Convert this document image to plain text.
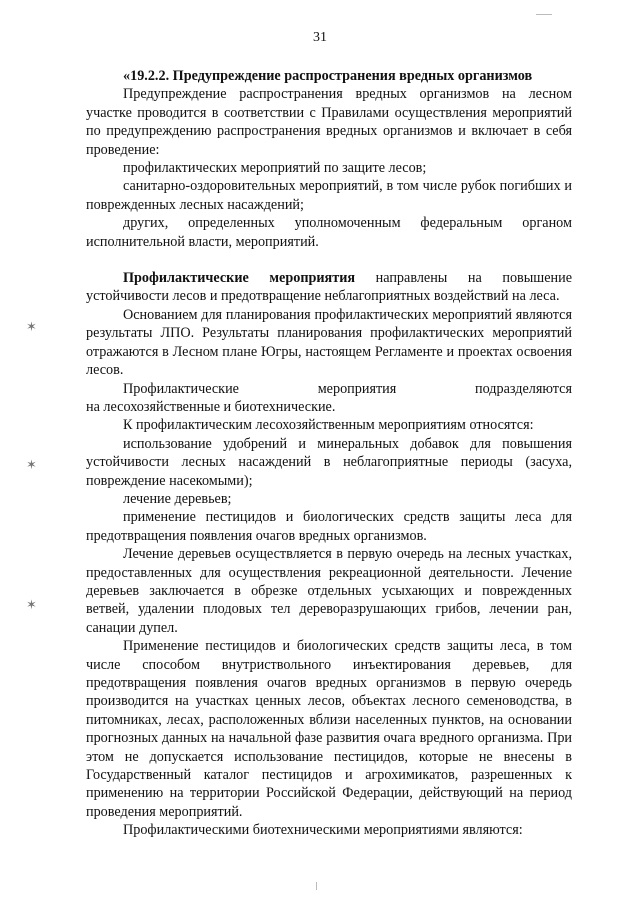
31

«19.2.2. Предупреждение распространения вредных организмов

Предупреждение распространения вредных организмов на лесном участке проводится в соответствии с Правилами осуществления мероприятий по предупреждению распространения вредных организмов и включает в себя проведение:

профилактических мероприятий по защите лесов;

санитарно-оздоровительных мероприятий, в том числе рубок погибших и поврежденных лесных насаждений;

других, определенных уполномоченным федеральным органом исполнительной власти, мероприятий.

Профилактические мероприятия направлены на повышение устойчивости лесов и предотвращение неблагоприятных воздействий на леса.

Основанием для планирования профилактических мероприятий являются результаты ЛПО. Результаты планирования профилактических мероприятий отражаются в Лесном плане Югры, настоящем Регламенте и проектах освоения лесов.

Профилактические мероприятия подразделяются

на лесохозяйственные и биотехнические.

К профилактическим лесохозяйственным мероприятиям относятся:

использование удобрений и минеральных добавок для повышения устойчивости лесных насаждений в неблагоприятные периоды (засуха, повреждение насекомыми);

лечение деревьев;

применение пестицидов и биологических средств защиты леса для предотвращения появления очагов вредных организмов.

Лечение деревьев осуществляется в первую очередь на лесных участках, предоставленных для осуществления рекреационной деятельности. Лечение деревьев заключается в обрезке отдельных усыхающих и поврежденных ветвей, удалении плодовых тел дереворазрушающих грибов, лечении ран, санации дупел.

Применение пестицидов и биологических средств защиты леса, в том числе способом внутриствольного инъектирования деревьев, для предотвращения появления очагов вредных организмов в первую очередь производится на участках ценных лесов, объектах лесного семеноводства, в питомниках, лесах, расположенных вблизи населенных пунктов, на основании прогнозных данных на начальной фазе развития очага вредного организма. При этом не допускается использование пестицидов, которые не внесены в Государственный каталог пестицидов и агрохимикатов, разрешенных к применению на территории Российской Федерации, действующий на период проведения мероприятий.

Профилактическими биотехническими мероприятиями являются:

✶
✶
✶
